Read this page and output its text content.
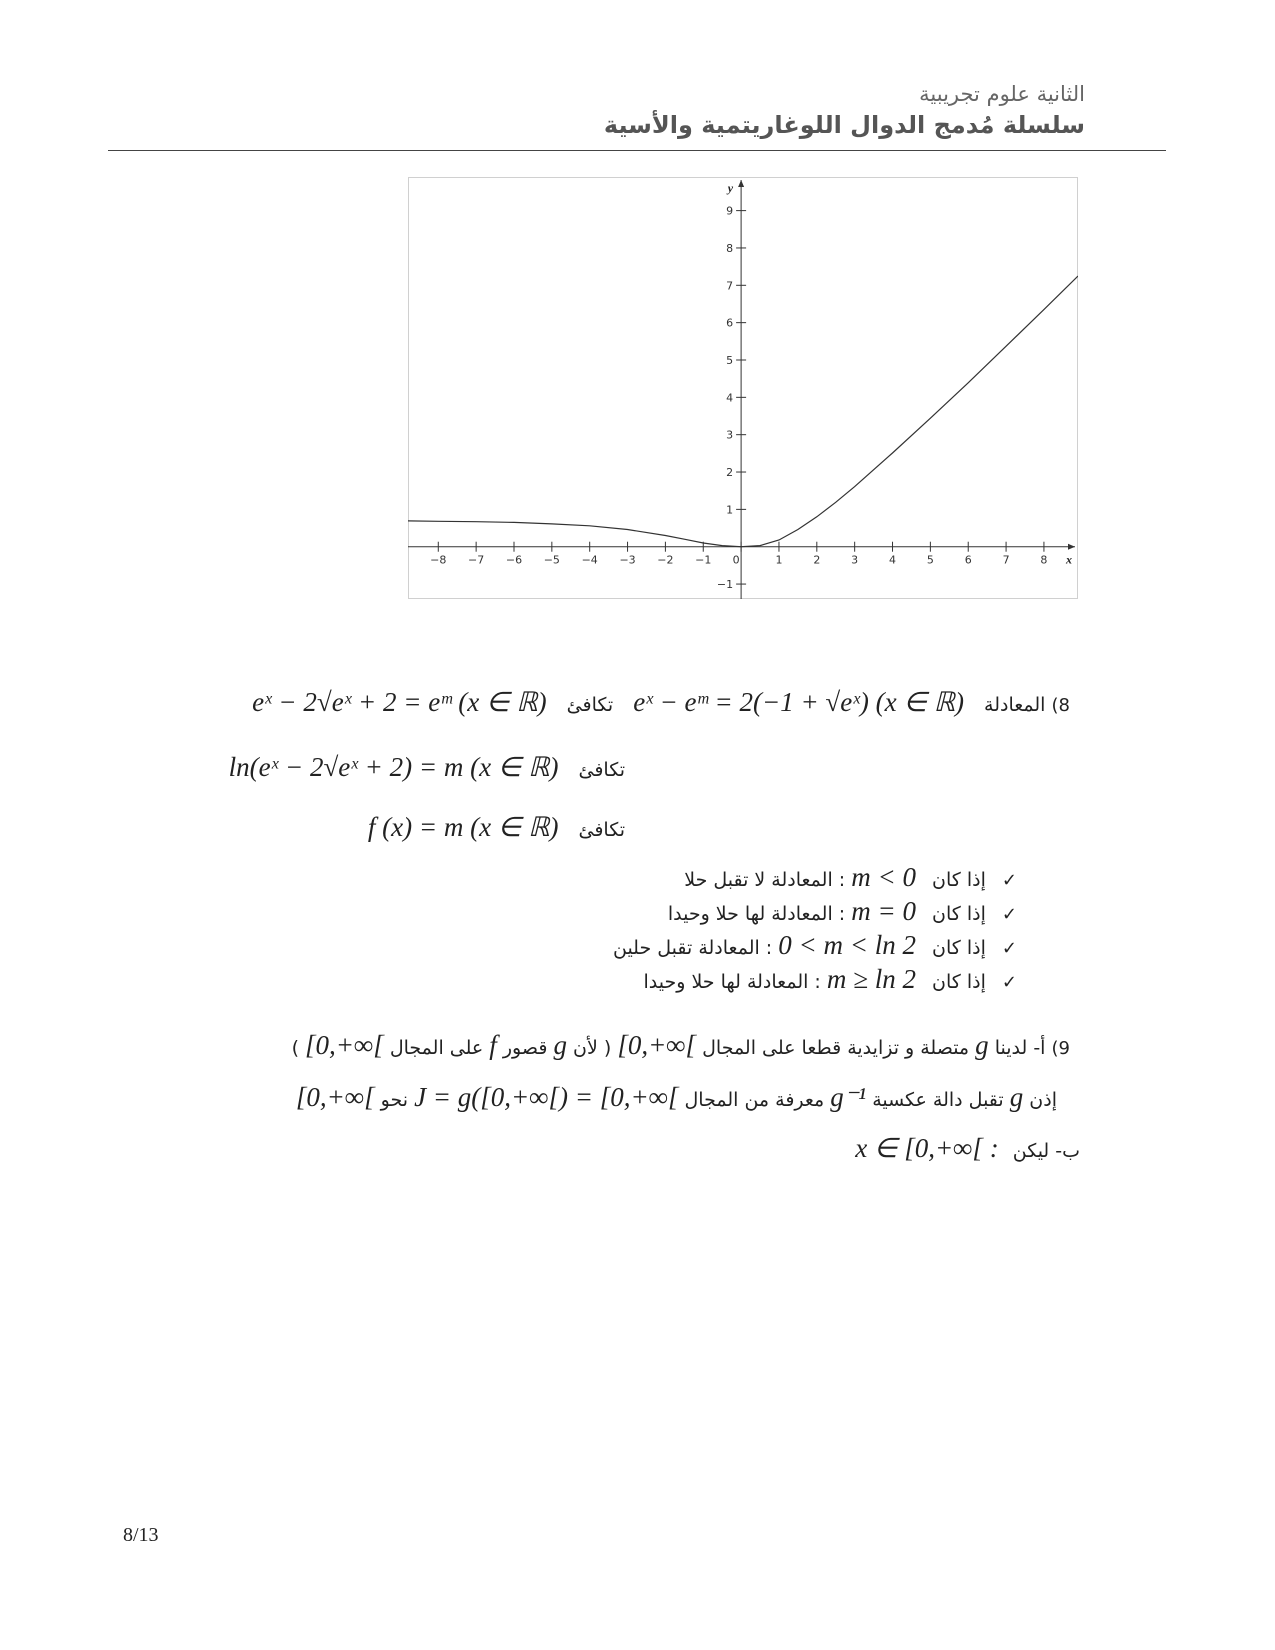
الثانية علوم تجريبية
سلسلة مُدمج الدوال اللوغاريتمية والأسية
−8 −7 −6 −5 −4 −3 −2 −1 0	1	2	3	4	5	6	7	8
−1
1
2
3
4
5
6
7
8
9
x
y
8) المعادلة eˣ − eᵐ = 2(−1 + √eˣ) (x ∈ ℝ) تكافئ eˣ − 2√eˣ + 2 = eᵐ (x ∈ ℝ)
تكافئ ln(eˣ − 2√eˣ + 2) = m (x ∈ ℝ)
تكافئ f (x) = m (x ∈ ℝ)
✓ إذا كان m < 0 : المعادلة لا تقبل حلا
✓ إذا كان m = 0 : المعادلة لها حلا وحيدا
✓ إذا كان 0 < m < ln 2 : المعادلة تقبل حلين
✓ إذا كان m ≥ ln 2 : المعادلة لها حلا وحيدا
9) أ- لدينا g متصلة و تزايدية قطعا على المجال [0,+∞[ ( لأن g قصور f على المجال [0,+∞[ )
إذن g تقبل دالة عكسية g⁻¹ معرفة من المجال J = g([0,+∞[) = [0,+∞[ نحو [0,+∞[
ب- ليكن x ∈ [0,+∞[ :
8/13
